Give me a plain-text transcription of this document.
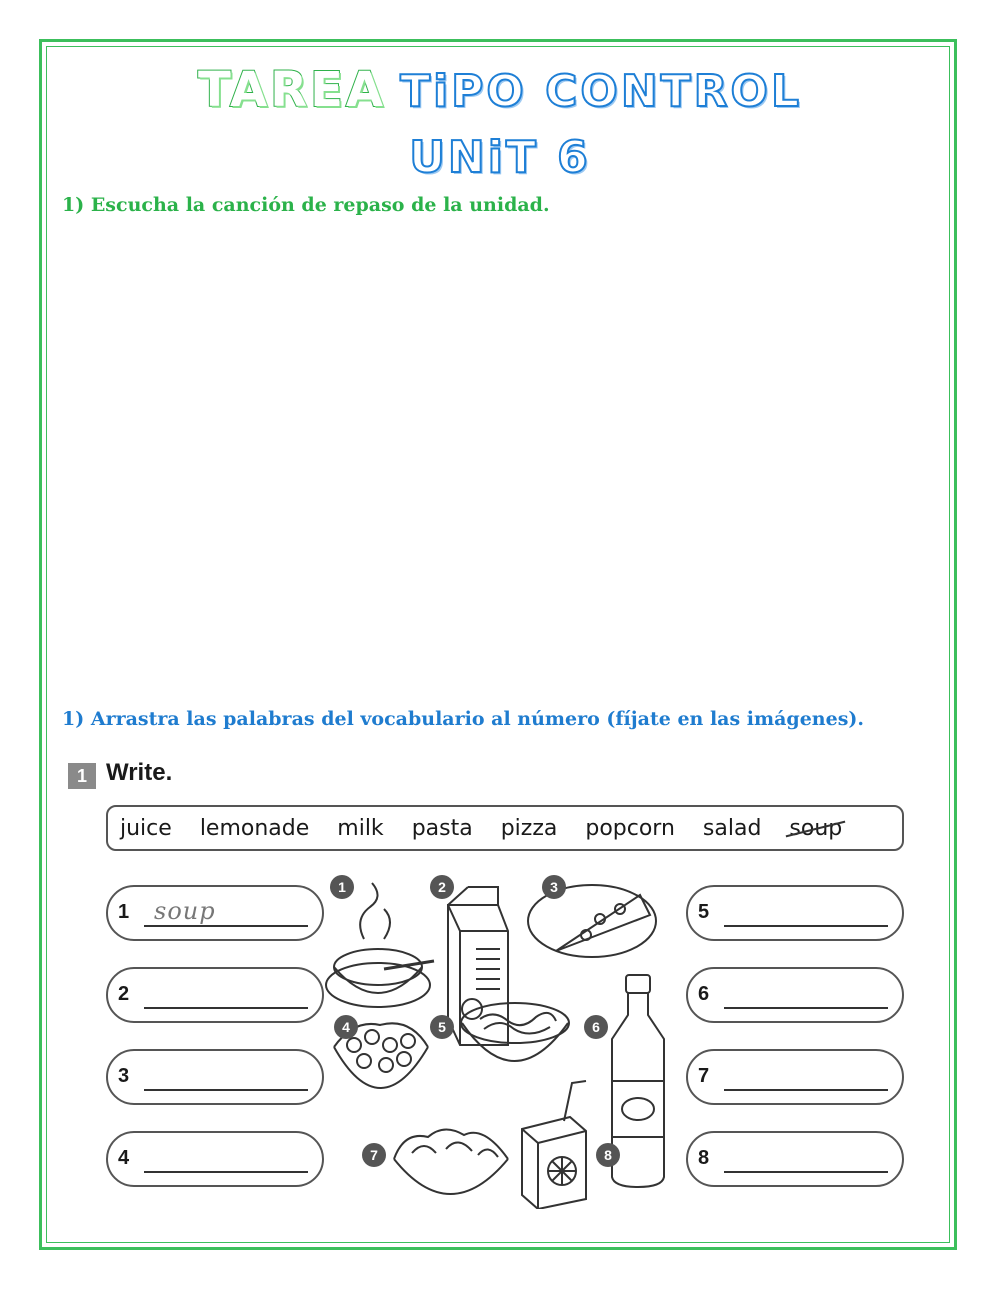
TAREA TiPO CONTROL
UNiT 6
1) Escucha la canción de repaso de la unidad.
1) Arrastra las palabras del vocabulario al número (fíjate en las imágenes).
1 Write.
juice lemonade milk pasta pizza popcorn salad soup
1 soup
2
3
4
5
6
7
8
1	2	3
4	5	6
7	8
